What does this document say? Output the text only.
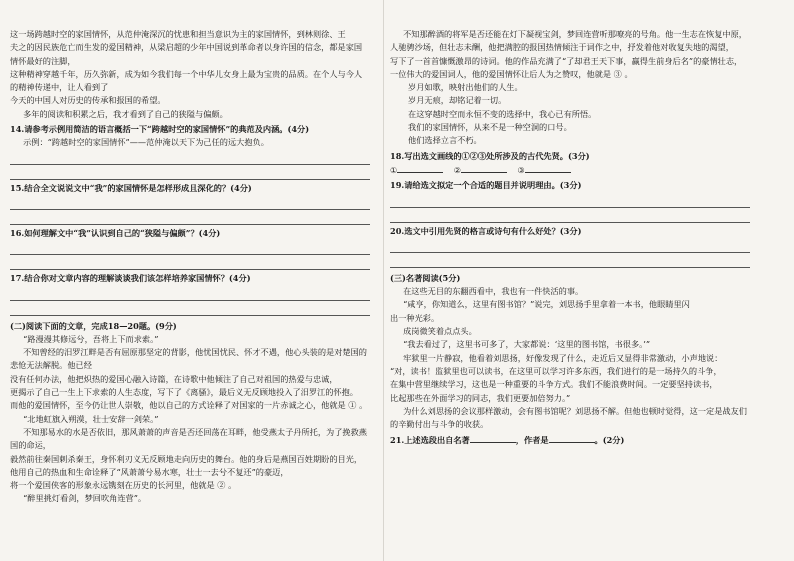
这一场跨越时空的家国情怀，从范仲淹深沉的忧患和担当意识为主的家国情怀，到林则徐、王

夫之的因民族危亡而生发的爱国精神，从梁启超的少年中国说到革命者以身许国的信念，都是家国情怀最好的注脚，

这种精神穿越千年，历久弥新，成为如今我们每一个中华儿女身上最为宝贵的品质。在个人与今人的精神传递中，让人看到了

今天的中国人对历史的传承和报国的希望。

多年的阅读和积累之后，我才看到了自己的狭隘与偏颇。

14.请参考示例用简洁的语言概括一下“跨越时空的家国情怀”的典范及内涵。(4分)

示例：“跨越时空的家国情怀”——范仲淹以天下为己任的远大抱负。

15.结合全文说说文中“我”的家国情怀是怎样形成且深化的？(4分)

16.如何理解文中“我”认识到自己的“狭隘与偏颇”？(4分)

17.结合你对文章内容的理解谈谈我们该怎样培养家国情怀？(4分)

(二)阅读下面的文章，完成18—20题。(9分)

“路漫漫其修远兮，吾将上下而求索。”

不知曾经的汨罗江畔是否有屈原那坚定的背影，他忧国忧民、怀才不遇，他心头装的是对楚国的悲怆无法解脱。他已经

没有任何办法，他把炽热的爱国心融入诗篇，在诗歌中他倾注了自己对祖国的热爱与忠诚，

更揭示了自己一生上下求索的人生态度，写下了《离骚》，最后义无反顾地投入了汨罗江的怀抱。

而他的爱国情怀，至今仍让世人崇敬，他以自己的方式诠释了对国家的一片赤诚之心，他就是 ① 。

“北地虹旗入朔漠，壮士安辞一剑荣。”

不知那易水的水是否依旧，那风萧萧的声音是否还回荡在耳畔，他受燕太子丹所托，为了挽救燕国的命运，

毅然前往秦国刺杀秦王，身怀利刃义无反顾地走向历史的舞台。他的身后是燕国百姓期盼的目光，

他用自己的热血和生命诠释了“风萧萧兮易水寒，壮士一去兮不复还”的豪迈，

将一个爱国侠客的形象永远镌刻在历史的长河里，他就是 ② 。

“醉里挑灯看剑，梦回吹角连营”。

不知那醉酒的将军是否还能在灯下凝视宝剑，梦回连营听那嘹亮的号角。他一生志在恢复中原，

人驰骋沙场，但壮志未酬，他把满腔的报国热情倾注于词作之中，抒发着他对收复失地的渴望，

写下了一首首慷慨激昂的诗词。他的作品充满了“了却君王天下事，赢得生前身后名”的豪情壮志，

一位伟大的爱国词人，他的爱国情怀让后人为之赞叹，他就是 ③ 。

岁月如歌，映射出他们的人生。

岁月无痕，却铭记着一切。

在这穿越时空而永恒不变的选择中，我心已有所悟。

我们的家国情怀，从来不是一种空洞的口号。

他们选择立言不朽。

18.写出选文画线的①②③处所涉及的古代先贤。(3分)

①	②	③

19.请给选文拟定一个合适的题目并说明理由。(3分)

20.选文中引用先贤的格言或诗句有什么好处？(3分)

(三)名著阅读(5分)

在这些无目的东翻西看中，我也有一件快活的事。

“咸亨，你知道么，这里有图书馆？”说完，刘思扬手里拿着一本书，他眼睛里闪

出一种光彩。

成岗微笑着点点头。

“我去看过了，这里书可多了，大家都说：‘这里的图书馆，书很多。’”

牢狱里一片静寂，他看着刘思扬，好像发现了什么，走近后又显得非常激动，小声地说：

“对，读书！监狱里也可以读书，在这里可以学习许多东西，我们进行的是一场持久的斗争，

在集中营里继续学习，这也是一种重要的斗争方式。我们不能浪费时间。一定要坚持读书，

比起那些在外面学习的同志，我们更要加倍努力。”

为什么刘思扬的会议那样激动，会有图书馆呢？刘思扬不解。但他也顿时觉得，这一定是战友们

的辛勤付出与斗争的收获。

21.上述选段出自名著	，作者是	。(2分)
